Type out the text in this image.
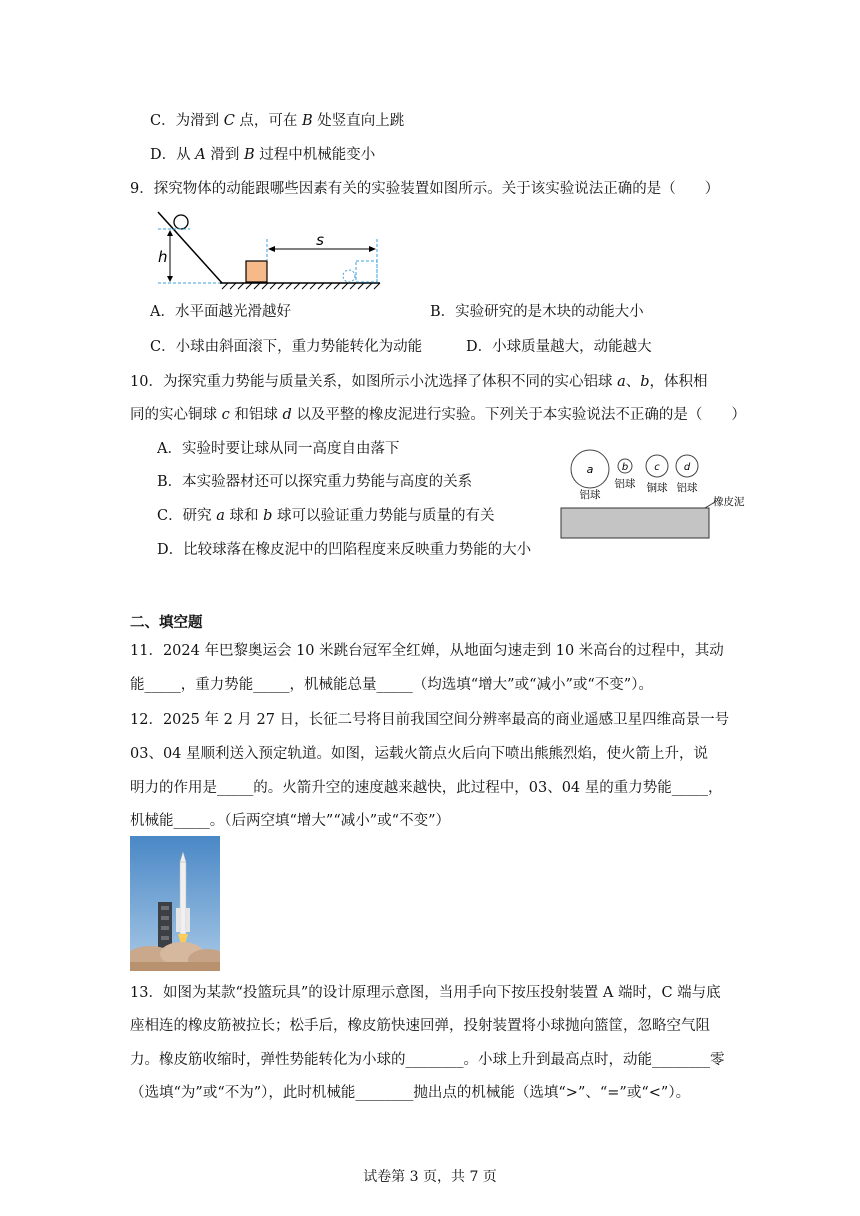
C．为滑到 C 点，可在 B 处竖直向上跳
D．从 A 滑到 B 过程中机械能变小
9．探究物体的动能跟哪些因素有关的实验装置如图所示。关于该实验说法正确的是（　　）
h
s
A．水平面越光滑越好	B．实验研究的是木块的动能大小
C．小球由斜面滚下，重力势能转化为动能	D．小球质量越大，动能越大
10．为探究重力势能与质量关系，如图所示小沈选择了体积不同的实心铝球 a、b，体积相
同的实心铜球 c 和铝球 d 以及平整的橡皮泥进行实验。下列关于本实验说法不正确的是（　　）
A．实验时要让球从同一高度自由落下
B．本实验器材还可以探究重力势能与高度的关系
C．研究 a 球和 b 球可以验证重力势能与质量的有关
D．比较球落在橡皮泥中的凹陷程度来反映重力势能的大小
a
铝球
b
铝球
c
铜球
d
铝球
橡皮泥
二、填空题
11．2024 年巴黎奥运会 10 米跳台冠军全红婵，从地面匀速走到 10 米高台的过程中，其动
能_____，重力势能_____，机械能总量_____（均选填“增大”或“减小”或“不变”）。
12．2025 年 2 月 27 日，长征二号将目前我国空间分辨率最高的商业遥感卫星四维高景一号
03、04 星顺利送入预定轨道。如图，运载火箭点火后向下喷出熊熊烈焰，使火箭上升，说
明力的作用是_____的。火箭升空的速度越来越快，此过程中，03、04 星的重力势能_____，
机械能_____。（后两空填“增大”“减小”或“不变”）
13．如图为某款“投篮玩具”的设计原理示意图，当用手向下按压投射装置 A 端时，C 端与底
座相连的橡皮筋被拉长；松手后，橡皮筋快速回弹，投射装置将小球抛向篮筐，忽略空气阻
力。橡皮筋收缩时，弹性势能转化为小球的________。小球上升到最高点时，动能________零
（选填“为”或“不为”），此时机械能________抛出点的机械能（选填“>”、“=”或“<”）。
试卷第 3 页，共 7 页
